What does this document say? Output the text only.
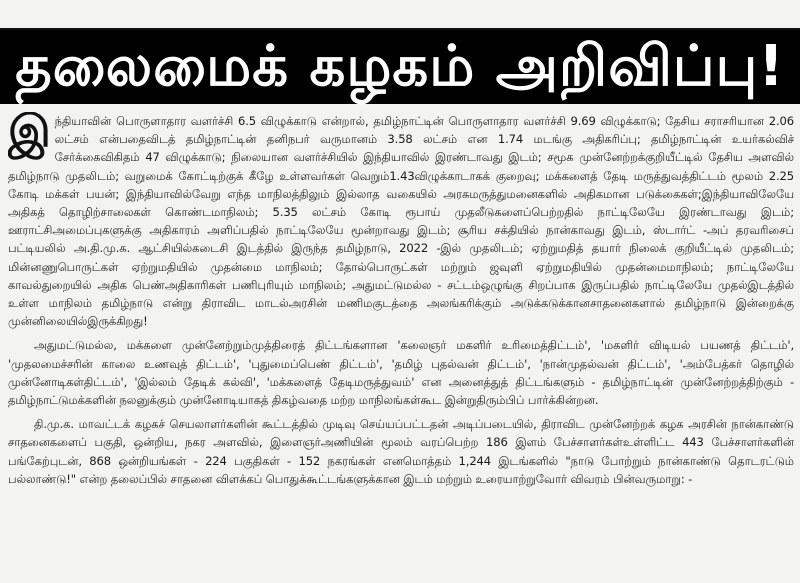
தலைமைக் கழகம் அறிவிப்பு!

இந்தியாவின் பொருளாதார வளர்ச்சி 6.5 விழுக்காடு என்றால், தமிழ்நாட்டின் பொருளாதார வளர்ச்சி 9.69 விழுக்காடு; தேசிய சராசரியான 2.06 லட்சம் என்பதைவிடத் தமிழ்நாட்டின் தனிநபர் வருமானம் 3.58 லட்சம் என 1.74 மடங்கு அதிகரிப்பு; தமிழ்நாட்டின் உயர்கல்விச் சேர்க்கைவிகிதம் 47 விழுக்காடு; நிலையான வளர்ச்சியில் இந்தியாவில் இரண்டாவது இடம்; சமூக முன்னேற்றக்குறியீட்டில் தேசிய அளவில் தமிழ்நாடு முதலிடம்; வறுமைக் கோட்டிற்குக் கீழே உள்ளவர்கள் வெறும்1.43விழுக்காடாகக் குறைவு; மக்களைத் தேடி மருத்துவத்திட்டம் மூலம் 2.25 கோடி மக்கள் பயன்; இந்தியாவில்வேறு எந்த மாநிலத்திலும் இல்லாத வகையில் அரசுமருத்துமனைகளில் அதிகமான படுக்கைகள்;இந்தியாவிலேயே அதிகத் தொழிற்சாலைகள் கொண்டமாநிலம்; 5.35 லட்சம் கோடி ரூபாய் முதலீடுகளைப்பெற்றதில் நாட்டிலேயே இரண்டாவது இடம்; ஊராட்சிஅமைப்புகளுக்கு அதிகாரம் அளிப்பதில் நாட்டிலேயே மூன்றாவது இடம்; சூரிய சக்தியில் நான்காவது இடம், ஸ்டார்ட் -அப் தரவரிசைப் பட்டியலில் அ.தி.மு.க. ஆட்சியில்கடைசி இடத்தில் இருந்த தமிழ்நாடு, 2022 -இல் முதலிடம்; ஏற்றுமதித் தயார் நிலைக் குறியீட்டில் முதலிடம்; மின்னணுபொருட்கள் ஏற்றுமதியில் முதன்மை மாநிலம்; தோல்பொருட்கள் மற்றும் ஜவுளி ஏற்றுமதியில் முதன்மைமாநிலம்; நாட்டிலேயே காவல்துறையில் அதிக பெண்அதிகாரிகள் பணிபுரியும் மாநிலம்; அதுமட்டுமல்ல - சட்டம்ஒழுங்கு சிறப்பாக இருப்பதில் நாட்டிலேயே முதல்இடத்தில் உள்ள மாநிலம் தமிழ்நாடு என்று திராவிட மாடல்அரசின் மணிமகுடத்தை அலங்கரிக்கும் அடுக்கடுக்கானசாதனைகளால் தமிழ்நாடு இன்றைக்கு முன்னிலையில்இருக்கிறது!

அதுமட்டுமல்ல, மக்களை முன்னேற்றும்முத்திரைத் திட்டங்களான 'கலைஞர் மகளிர் உரிமைத்திட்டம்', 'மகளிர் விடியல் பயணத் திட்டம்', 'முதலமைச்சரின் காலை உணவுத் திட்டம்', 'புதுமைப்பெண் திட்டம்', 'தமிழ் புதல்வன் திட்டம்', 'நான்முதல்வன் திட்டம்', 'அம்பேத்கர் தொழில் முன்னோடிகள்திட்டம்', 'இல்லம் தேடிக் கல்வி', 'மக்களைத் தேடிமருத்துவம்' என அனைத்துத் திட்டங்களும் - தமிழ்நாட்டின் முன்னேற்றத்திற்கும் - தமிழ்நாட்டுமக்களின் நலனுக்கும் முன்னோடியாகத் திகழ்வதை மற்ற மாநிலங்கள்கூட இன்றுதிரும்பிப் பார்க்கின்றன.

தி.மு.க. மாவட்டக் கழகச் செயலாளர்களின் கூட்டத்தில் முடிவு செய்யப்பட்டதன் அடிப்படையில், திராவிட முன்னேற்றக் கழக அரசின் நான்காண்டு சாதனைகளைப் பகுதி, ஒன்றிய, நகர அளவில், இளைஞர்அணியின் மூலம் வரப்பெற்ற 186 இளம் பேச்சாளர்கள்உள்ளிட்ட 443 பேச்சாளர்களின் பங்கேற்புடன், 868 ஒன்றியங்கள் - 224 பகுதிகள் - 152 நகரங்கள் எனமொத்தம் 1,244 இடங்களில் "நாடு போற்றும் நான்காண்டு தொடரட்டும் பல்லாண்டு!" என்ற தலைப்பில் சாதனை விளக்கப் பொதுக்கூட்டங்களுக்கான இடம் மற்றும் உரையாற்றுவோர் விவரம் பின்வருமாறு: -
